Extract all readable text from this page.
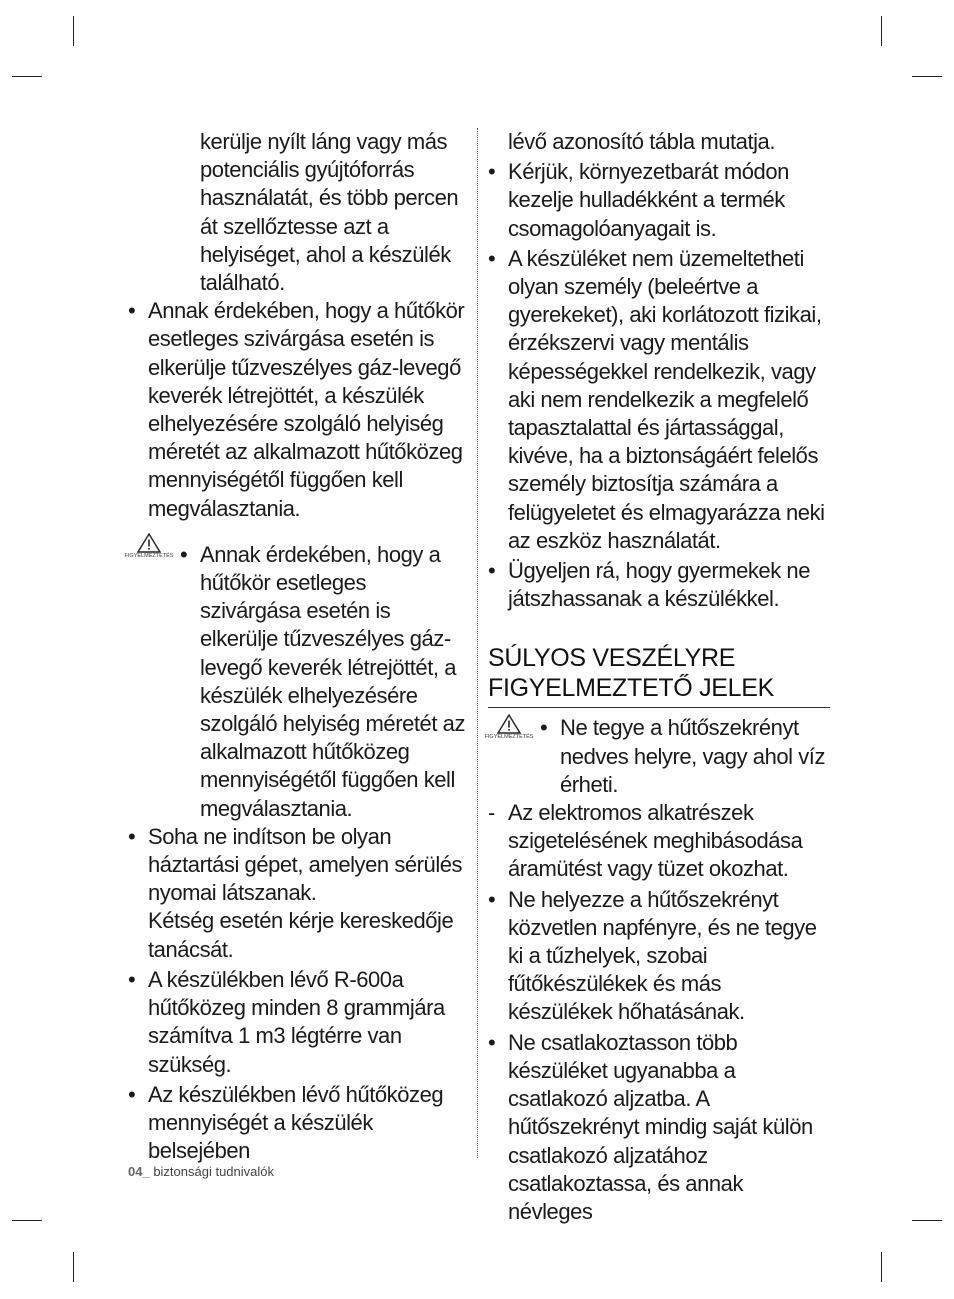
kerülje nyílt láng vagy más potenciális gyújtóforrás használatát, és több percen át szellőztesse azt a helyiséget, ahol a készülék található.

• Annak érdekében, hogy a hűtőkör esetleges szivárgása esetén is elkerülje tűzveszélyes gáz-levegő keverék létrejöttét, a készülék elhelyezésére szolgáló helyiség méretét az alkalmazott hűtőközeg mennyiségétől függően kell megválasztania.
FIGYELMEZTETÉS • Annak érdekében, hogy a hűtőkör esetleges szivárgása esetén is elkerülje tűzveszélyes gáz-levegő keverék létrejöttét, a készülék elhelyezésére szolgáló helyiség méretét az alkalmazott hűtőközeg mennyiségétől függően kell megválasztania.
• Soha ne indítson be olyan háztartási gépet, amelyen sérülés nyomai látszanak.
Kétség esetén kérje kereskedője tanácsát.
• A készülékben lévő R-600a hűtőközeg minden 8 grammjára számítva 1 m3 légtérre van szükség.
• Az készülékben lévő hűtőközeg mennyiségét a készülék belsejében

lévő azonosító tábla mutatja.

• Kérjük, környezetbarát módon kezelje hulladékként a termék csomagolóanyagait is.
• A készüléket nem üzemeltetheti olyan személy (beleértve a gyerekeket), aki korlátozott fizikai, érzékszervi vagy mentális képességekkel rendelkezik, vagy aki nem rendelkezik a megfelelő tapasztalattal és jártassággal, kivéve, ha a biztonságáért felelős személy biztosítja számára a felügyeletet és elmagyarázza neki az eszköz használatát.
• Ügyeljen rá, hogy gyermekek ne játszhassanak a készülékkel.
SÚLYOS VESZÉLYRE FIGYELMEZTETŐ JELEK
FIGYELMEZTETÉS • Ne tegye a hűtőszekrényt nedves helyre, vagy ahol víz érheti.
- Az elektromos alkatrészek szigetelésének meghibásodása áramütést vagy tüzet okozhat.
• Ne helyezze a hűtőszekrényt közvetlen napfényre, és ne tegye ki a tűzhelyek, szobai fűtőkészülékek és más készülékek hőhatásának.
• Ne csatlakoztasson több készüléket ugyanabba a csatlakozó aljzatba. A hűtőszekrényt mindig saját külön csatlakozó aljzatához csatlakoztassa, és annak névleges
04_ biztonsági tudnivalók
